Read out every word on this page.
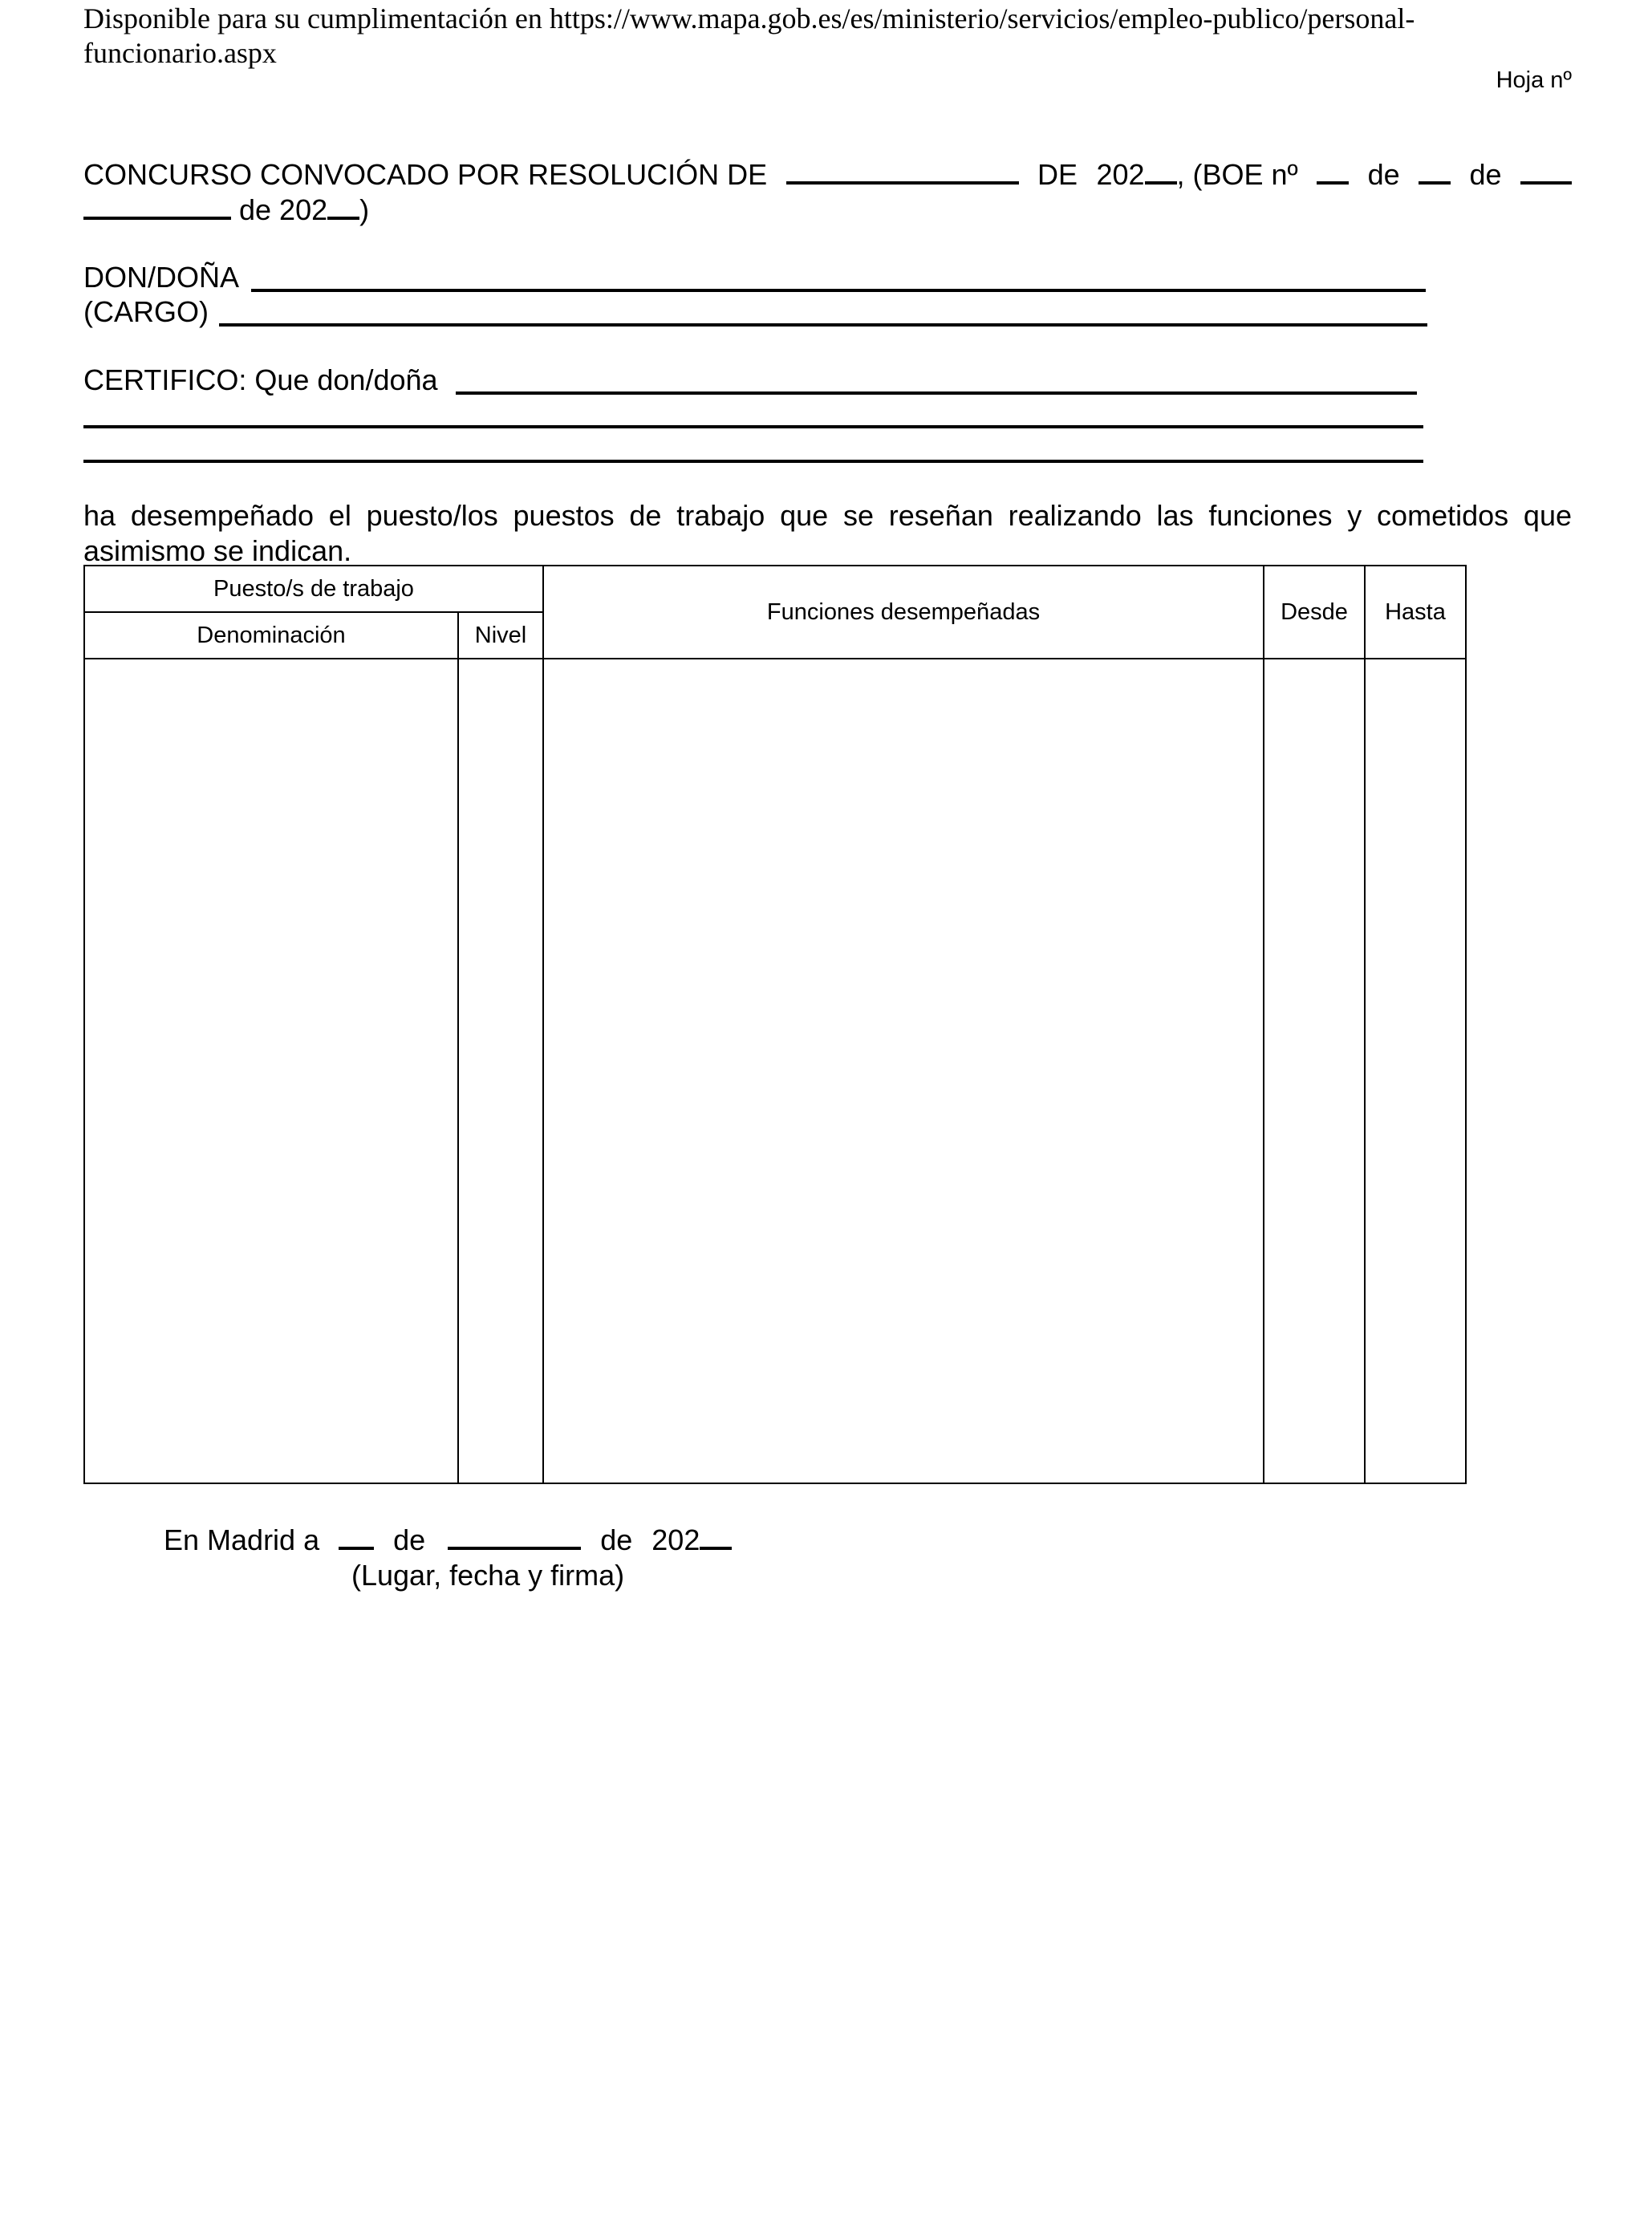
Disponible para su cumplimentación en https://www.mapa.gob.es/es/ministerio/servicios/empleo-publico/personal-
funcionario.aspx
Hoja nº
CONCURSO CONVOCADO POR RESOLUCIÓN DE	DE 202 , (BOE nº de de
de 202 )
DON/DOÑA
(CARGO)
CERTIFICO: Que don/doña
ha desempeñado el puesto/los puestos de trabajo que se reseñan realizando las funciones y cometidos que asimismo se indican.
Puesto/s de trabajo		Funciones desempeñadas	Desde	Hasta
Denominación	Nivel			

En Madrid a	de	de 202
(Lugar, fecha y firma)
